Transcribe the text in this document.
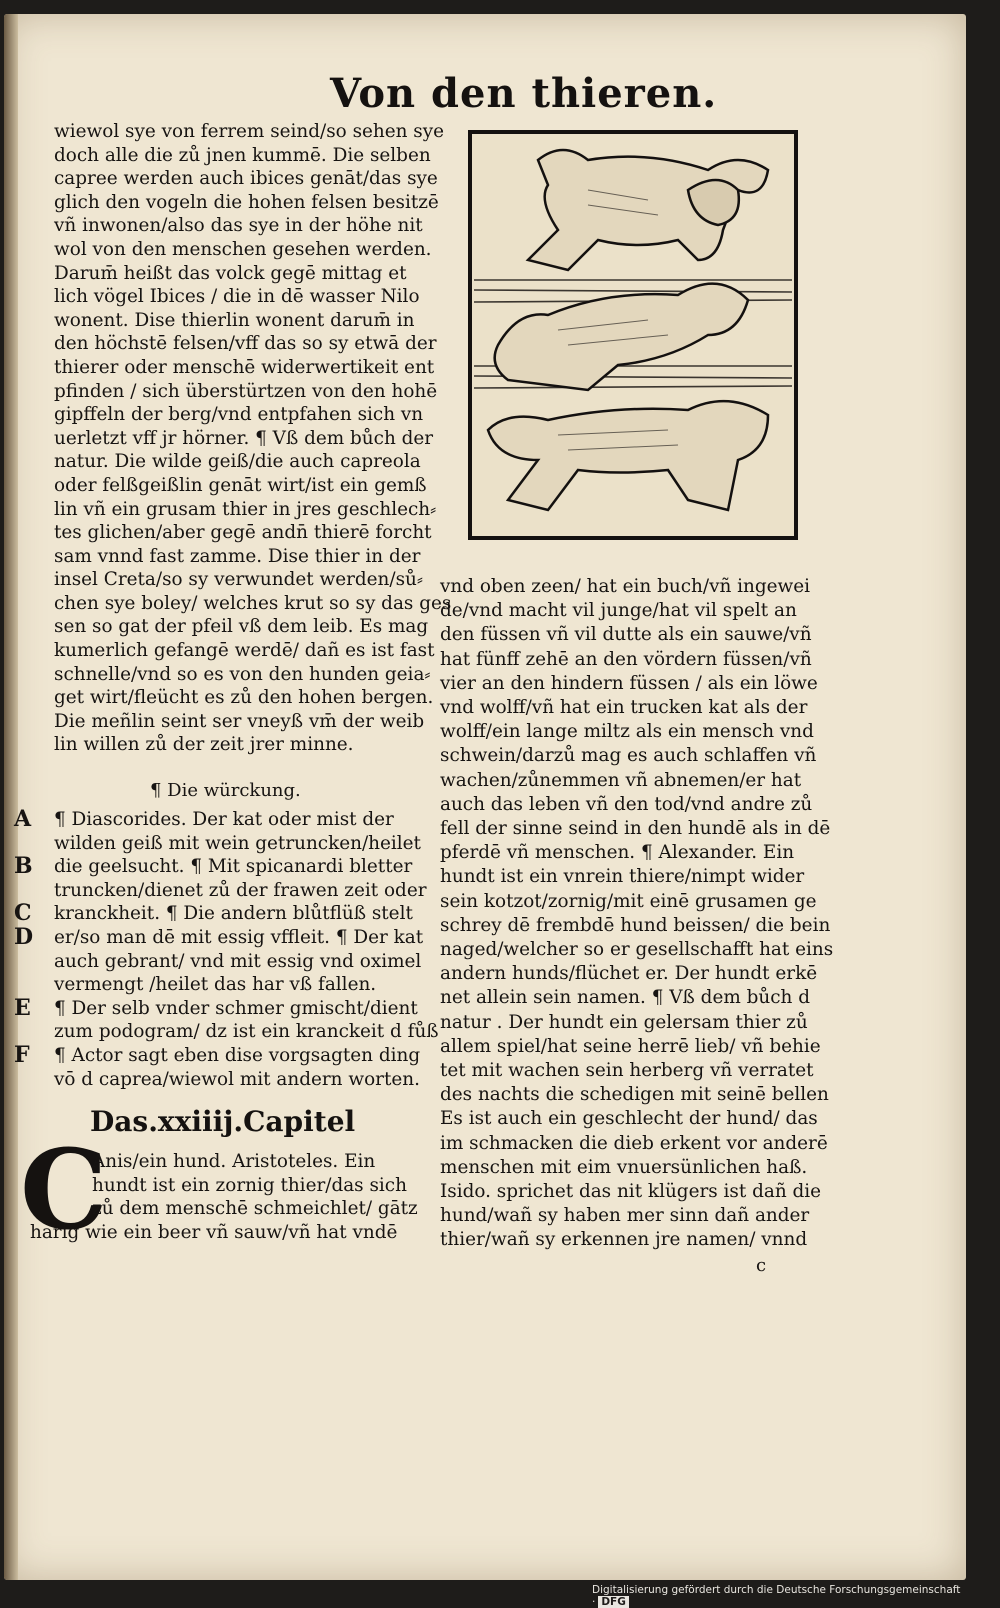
Von den thieren.
wiewol sye von ferrem seind/so sehen sye
doch alle die zů jnen kummē. Die selben
capree werden auch ibices genāt/das sye
glich den vogeln die hohen felsen besitzē
vñ inwonen/also das sye in der höhe nit
wol von den menschen gesehen werden.
Darum̄ heißt das volck gegē mittag et
lich vögel Ibices / die in dē wasser Nilo
wonent. Dise thierlin wonent darum̄ in
den höchstē felsen/vff das so sy etwā der
thierer oder menschē widerwertikeit ent
pfinden / sich überstürtzen von den hohē
gipffeln der berg/vnd entpfahen sich vn
uerletzt vff jr hörner. ¶ Vß dem bůch der
natur. Die wilde geiß/die auch capreola
oder felßgeißlin genāt wirt/ist ein gemß
lin vñ ein grusam thier in jres geschlech⸗
tes glichen/aber gegē andn̄ thierē forcht
sam vnnd fast zamme. Dise thier in der
insel Creta/so sy verwundet werden/sů⸗
chen sye boley/ welches krut so sy das ges
sen so gat der pfeil vß dem leib. Es mag
kumerlich gefangē werdē/ dañ es ist fast
schnelle/vnd so es von den hunden geia⸗
get wirt/fleücht es zů den hohen bergen.
Die meñlin seint ser vneyß vm̄ der weib
lin willen zů der zeit jrer minne.
¶ Die würckung.
A	¶ Diascorides. Der kat oder mist der
wilden geiß mit wein getruncken/heilet
B	die geelsucht. ¶ Mit spicanardi bletter
truncken/dienet zů der frawen zeit oder
C	kranckheit. ¶ Die andern blůtflüß stelt
D	er/so man dē mit essig vffleit. ¶ Der kat
auch gebrant/ vnd mit essig vnd oximel
vermengt /heilet das har vß fallen.
E	¶ Der selb vnder schmer gmischt/dient
zum podogram/ dz ist ein kranckeit d fůß
F	¶ Actor sagt eben dise vorgsagten ding
vō d caprea/wiewol mit andern worten.
Das.xxiiij.Capitel
C
Anis/ein hund. Aristoteles. Ein
hundt ist ein zornig thier/das sich
zů dem menschē schmeichlet/ gātz
harig wie ein beer vñ sauw/vñ hat vndē
vnd oben zeen/ hat ein buch/vñ ingewei
de/vnd macht vil junge/hat vil spelt an
den füssen vñ vil dutte als ein sauwe/vñ
hat fünff zehē an den vördern füssen/vñ
vier an den hindern füssen / als ein löwe
vnd wolff/vñ hat ein trucken kat als der
wolff/ein lange miltz als ein mensch vnd
schwein/darzů mag es auch schlaffen vñ
wachen/zůnemmen vñ abnemen/er hat
auch das leben vñ den tod/vnd andre zů
fell der sinne seind in den hundē als in dē
pferdē vñ menschen. ¶ Alexander. Ein
hundt ist ein vnrein thiere/nimpt wider
sein kotzot/zornig/mit einē grusamen ge
schrey dē frembdē hund beissen/ die bein
naged/welcher so er gesellschafft hat eins
andern hunds/flüchet er. Der hundt erkē
net allein sein namen. ¶ Vß dem bůch d
natur . Der hundt ein gelersam thier zů
allem spiel/hat seine herrē lieb/ vñ behie
tet mit wachen sein herberg vñ verratet
des nachts die schedigen mit seinē bellen
Es ist auch ein geschlecht der hund/ das
im schmacken die dieb erkent vor anderē
menschen mit eim vnuersünlichen haß.
Isido. sprichet das nit klügers ist dañ die
hund/wañ sy haben mer sinn dañ ander
thier/wañ sy erkennen jre namen/ vnnd
c
Digitalisierung gefördert durch die Deutsche Forschungsgemeinschaft · DFG
